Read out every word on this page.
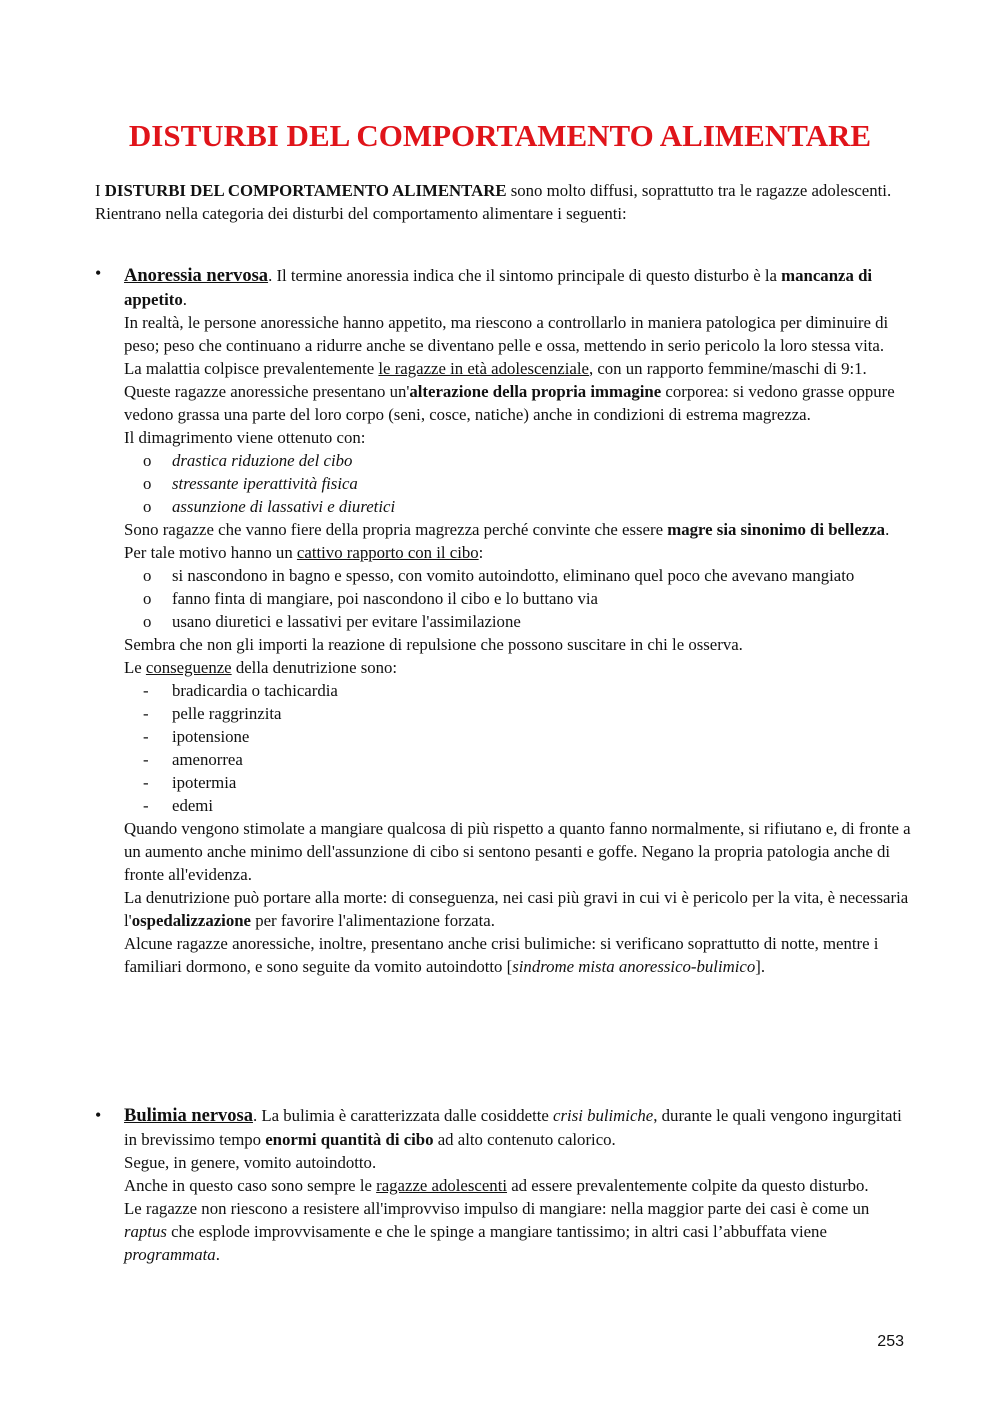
DISTURBI DEL COMPORTAMENTO ALIMENTARE

I DISTURBI DEL COMPORTAMENTO ALIMENTARE sono molto diffusi, soprattutto tra le ragazze adolescenti.

Rientrano nella categoria dei disturbi del comportamento alimentare i seguenti:

• Anoressia nervosa. Il termine anoressia indica che il sintomo principale di questo disturbo è la mancanza di appetito.

In realtà, le persone anoressiche hanno appetito, ma riescono a controllarlo in maniera patologica per diminuire di peso; peso che continuano a ridurre anche se diventano pelle e ossa, mettendo in serio pericolo la loro stessa vita.

La malattia colpisce prevalentemente le ragazze in età adolescenziale, con un rapporto femmine/maschi di 9:1.

Queste ragazze anoressiche presentano un'alterazione della propria immagine corporea: si vedono grasse oppure vedono grassa una parte del loro corpo (seni, cosce, natiche) anche in condizioni di estrema magrezza.

Il dimagrimento viene ottenuto con:

o drastica riduzione del cibo
o stressante iperattività fisica
o assunzione di lassativi e diuretici

Sono ragazze che vanno fiere della propria magrezza perché convinte che essere magre sia sinonimo di bellezza.

Per tale motivo hanno un cattivo rapporto con il cibo:

o si nascondono in bagno e spesso, con vomito autoindotto, eliminano quel poco che avevano mangiato
o fanno finta di mangiare, poi nascondono il cibo e lo buttano via
o usano diuretici e lassativi per evitare l'assimilazione

Sembra che non gli importi la reazione di repulsione che possono suscitare in chi le osserva.

Le conseguenze della denutrizione sono:

- bradicardia o tachicardia
- pelle raggrinzita
- ipotensione
- amenorrea
- ipotermia
- edemi

Quando vengono stimolate a mangiare qualcosa di più rispetto a quanto fanno normalmente, si rifiutano e, di fronte a un aumento anche minimo dell'assunzione di cibo si sentono pesanti e goffe. Negano la propria patologia anche di fronte all'evidenza.

La denutrizione può portare alla morte: di conseguenza, nei casi più gravi in cui vi è pericolo per la vita, è necessaria l'ospedalizzazione per favorire l'alimentazione forzata.

Alcune ragazze anoressiche, inoltre, presentano anche crisi bulimiche: si verificano soprattutto di notte, mentre i familiari dormono, e sono seguite da vomito autoindotto [sindrome mista anoressico-bulimico].

• Bulimia nervosa. La bulimia è caratterizzata dalle cosiddette crisi bulimiche, durante le quali vengono ingurgitati in brevissimo tempo enormi quantità di cibo ad alto contenuto calorico.

Segue, in genere, vomito autoindotto.

Anche in questo caso sono sempre le ragazze adolescenti ad essere prevalentemente colpite da questo disturbo.

Le ragazze non riescono a resistere all'improvviso impulso di mangiare: nella maggior parte dei casi è come un raptus che esplode improvvisamente e che le spinge a mangiare tantissimo; in altri casi l’abbuffata viene programmata.

253
